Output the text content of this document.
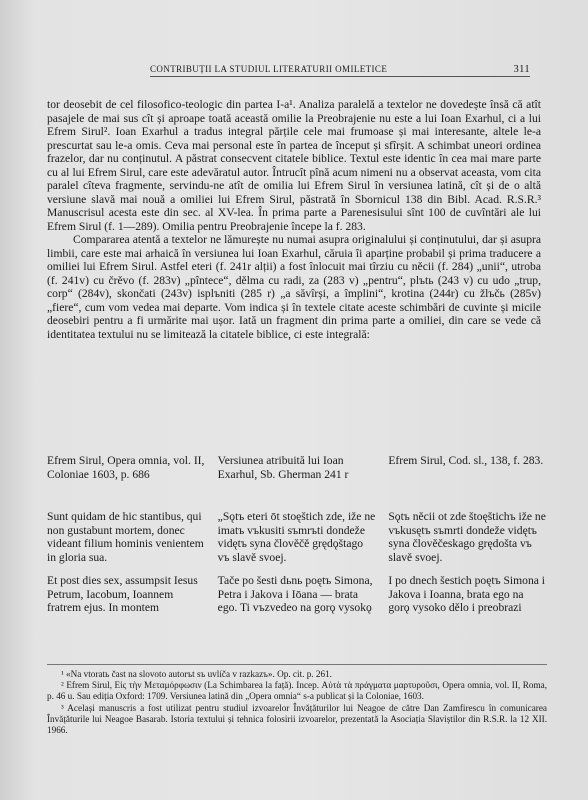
CONTRIBUȚII LA STUDIUL LITERATURII OMILETICE	311

tor deosebit de cel filosofico-teologic din partea I-a¹. Analiza paralelă a textelor ne dovedește însă că atît pasajele de mai sus cît și aproape toată această omilie la Preobrajenie nu este a lui Ioan Exarhul, ci a lui Efrem Sirul². Ioan Exarhul a tradus integral părțile cele mai frumoase și mai interesante, altele le-a prescurtat sau le-a omis. Ceva mai personal este în partea de început și sfîrșit. A schimbat uneori ordinea frazelor, dar nu conținutul. A păstrat consecvent citatele biblice. Textul este identic în cea mai mare parte cu al lui Efrem Sirul, care este adevăratul autor. Întrucît pînă acum nimeni nu a observat aceasta, vom cita paralel cîteva fragmente, servindu-ne atît de omilia lui Efrem Sirul în versiunea latină, cît și de o altă versiune slavă mai nouă a omiliei lui Efrem Sirul, păstrată în Sbornicul 138 din Bibl. Acad. R.S.R.³ Manuscrisul acesta este din sec. al XV-lea. În prima parte a Parenesisului sînt 100 de cuvîntări ale lui Efrem Sirul (f. 1—289). Omilia pentru Preobrajenie începe la f. 283.

Compararea atentă a textelor ne lămurește nu numai asupra originalului și conținutului, dar și asupra limbii, care este mai arhaică în versiunea lui Ioan Exarhul, căruia îi aparține probabil și prima traducere a omiliei lui Efrem Sirul. Astfel eteri (f. 241r alții) a fost înlocuit mai tîrziu cu něcii (f. 284) „unii“, utroba (f. 241v) cu črěvo (f. 283v) „pîntece“, dělma cu radi, za (283 v) „pentru“, plъtь (243 v) cu udo „trup, corp“ (284v), skončati (243v) isplъniti (285 r) „a săvîrși, a împlini“, krotina (244r) cu žlъčь (285v) „fiere“, cum vom vedea mai departe. Vom indica și în textele citate aceste schimbări de cuvinte și micile deosebiri pentru a fi urmărite mai ușor. Iată un fragment din prima parte a omiliei, din care se vede că identitatea textului nu se limitează la citatele biblice, ci este integrală:

Efrem Sirul, Opera omnia, vol. II, Coloniae 1603, p. 686
Sunt quidam de hic stantibus, qui non gustabunt mortem, donec videant filium hominis venientem in gloria sua.
Et post dies sex, assumpsit Iesus Petrum, Iacobum, Ioannem fratrem ejus. In montem
Versiunea atribuită lui Ioan Exarhul, Sb. Gherman 241 r
„Sǫtъ eteri ōt stoęštich zde, iže ne imatъ vъkusiti sъmrъti dondeže vidętъ syna člověčě grędǫštago vъ slavě svoej.
Tače po šesti dьnь poętъ Simona, Petra i Jakova i Iōana — brata ego. Ti vъzvedeo na gorǫ vysokǫ
Efrem Sirul, Cod. sl., 138, f. 283.
Sǫtъ něcii ot zde štoęštichъ iže ne vъkusętъ sъmrti dondeže vidętъ syna člověčeskago grędošta vъ slavě svoej.
I po dnech šestich poętъ Simona i Jakova i Ioanna, brata ego na gorǫ vysoko dělo i preobrazi
¹ «Na vtoratь čast na slovoto autorъt sъ uvlíča v razkazъ». Op. cit. p. 261.
² Efrem Sirul, Εἰς τὴν Μεταμόρφωσιν (La Schimbarea la față). Incep. Αὐτὰ τὰ πράγματα μαρτυροῦσι, Opera omnia, vol. II, Roma, p. 46 u. Sau ediția Oxford: 1709. Versiunea latină din „Opera omnia“ s-a publicat și la Coloniae, 1603.
³ Același manuscris a fost utilizat pentru studiul izvoarelor Învățăturilor lui Neagoe de către Dan Zamfirescu în comunicarea Învățăturile lui Neagoe Basarab. Istoria textului și tehnica folosirii izvoarelor, prezentată la Asociația Slaviștilor din R.S.R. la 12 XII. 1966.
